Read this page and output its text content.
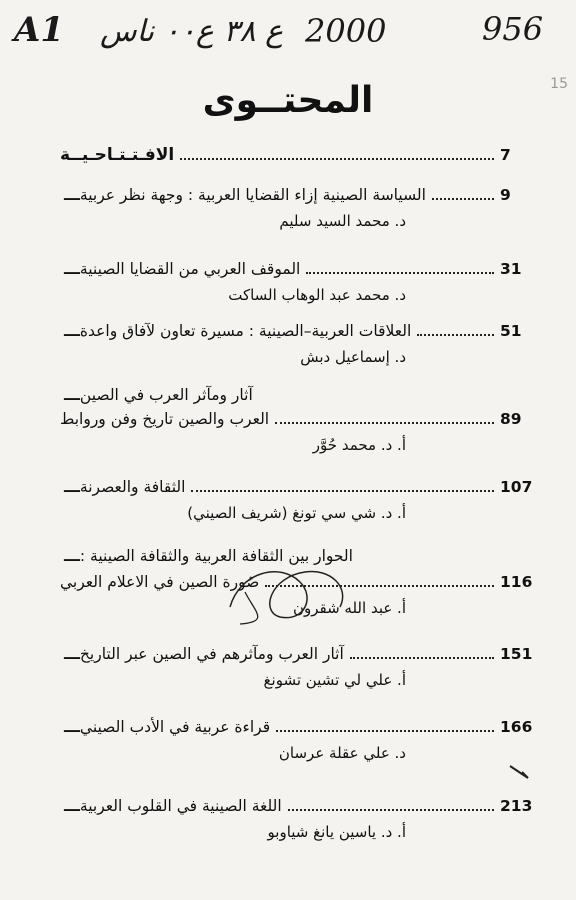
A1 ع ٣٨ ع٠٠ ناس 2000	956
15
المحتــوى
الافـتـتـاحـيــة	7
ـــ السياسة الصينية إزاء القضايا العربية : وجهة نظر عربية	9
د. محمد السيد سليم
ـــ الموقف العربي من القضايا الصينية	31
د. محمد عبد الوهاب الساكت
ـــ العلاقات العربية–الصينية : مسيرة تعاون لآفاق واعدة	51
د. إسماعيل دبش
ـــ آثار ومآثر العرب في الصين
العرب والصين تاريخ وفن وروابط	89
أ. د. محمد حُوَّر
ـــ الثقافة والعصرنة	107
أ. د. شي سي تونغ (شريف الصيني)
ـــ الحوار بين الثقافة العربية والثقافة الصينية :
صُورة الصين في الاعلام العربي	116
أ. عبد الله شقرون
ـــ آثار العرب ومآثرهم في الصين عبر التاريخ	151
أ. علي لي تشين تشونغ
ـــ قراءة عربية في الأدب الصيني	166
د. علي عقلة عرسان
ـــ اللغة الصينية في القلوب العربية	213
أ. د. ياسين يانغ شياوبو
